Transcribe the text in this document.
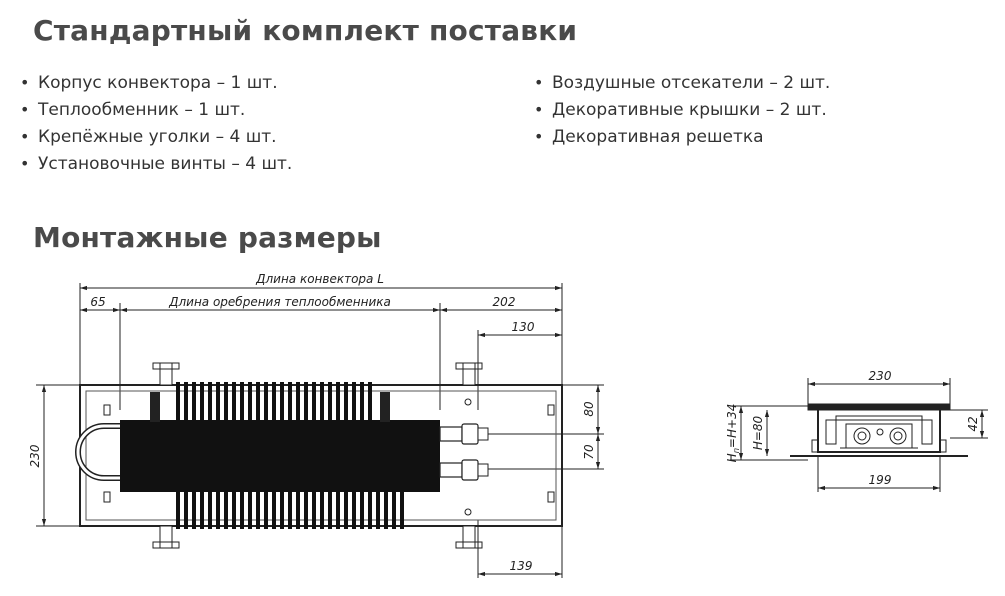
Стандартный комплект поставки
• Корпус конвектора – 1 шт.
• Теплообменник – 1 шт.
• Крепёжные уголки – 4 шт.
• Установочные винты – 4 шт.
• Воздушные отсекатели – 2 шт.
• Декоративные крышки – 2 шт.
• Декоративная решетка
Монтажные размеры
Длина конвектора L
65	Длина оребрения теплообменника	202
130
139
230
80
70
230
199
42
H=80
$H_п=H+34$
